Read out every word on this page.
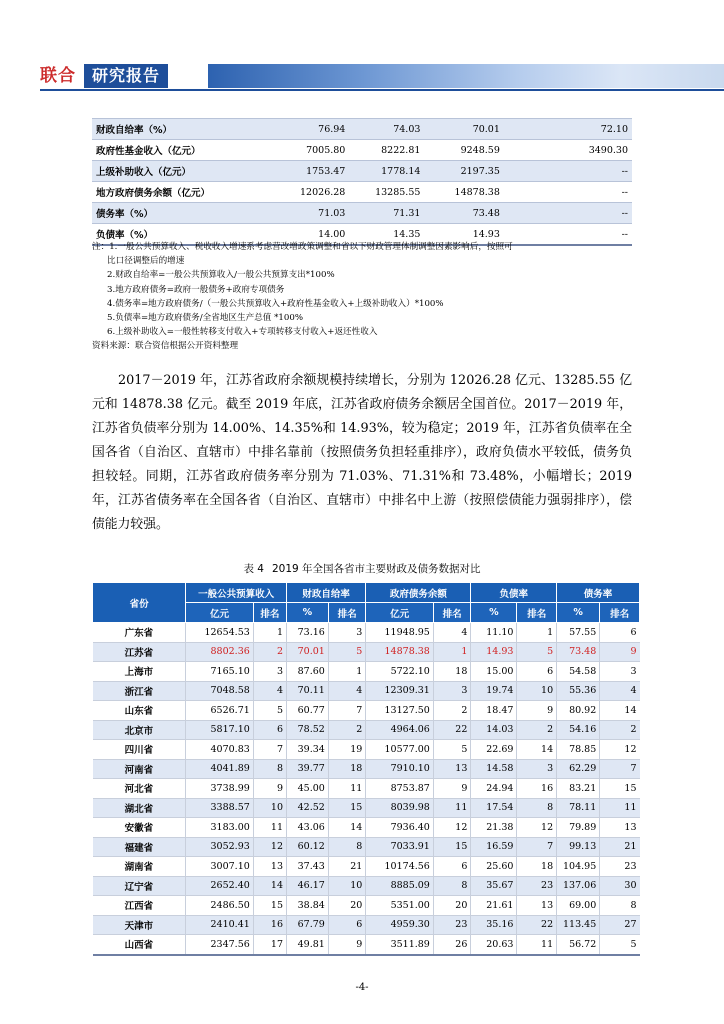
联合	研究报告
财政自给率（%）	76.94	74.03	70.01	72.10
政府性基金收入（亿元）	7005.80	8222.81	9248.59	3490.30
上级补助收入（亿元）	1753.47	1778.14	2197.35	--
地方政府债务余额（亿元）	12026.28	13285.55	14878.38	--
债务率（%）	71.03	71.31	73.48	--
负债率（%）	14.00	14.35	14.93	--
注：1.一般公共预算收入、税收收入增速系考虑营改增政策调整和省以下财政管理体制调整因素影响后，按照可
比口径调整后的增速
2.财政自给率=一般公共预算收入/一般公共预算支出*100%
3.地方政府债务=政府一般债务+政府专项债务
4.债务率=地方政府债务/（一般公共预算收入+政府性基金收入+上级补助收入）*100%
5.负债率=地方政府债务/全省地区生产总值 *100%
6.上级补助收入=一般性转移支付收入+专项转移支付收入+返还性收入
资料来源：联合资信根据公开资料整理

2017－2019 年，江苏省政府余额规模持续增长，分别为 12026.28 亿元、13285.55 亿元和 14878.38 亿元。截至 2019 年底，江苏省政府债务余额居全国首位。2017－2019 年，江苏省负债率分别为 14.00%、14.35%和 14.93%，较为稳定；2019 年，江苏省负债率在全国各省（自治区、直辖市）中排名靠前（按照债务负担轻重排序），政府负债水平较低，债务负担较轻。同期，江苏省政府债务率分别为 71.03%、71.31%和 73.48%，小幅增长；2019 年，江苏省债务率在全国各省（自治区、直辖市）中排名中上游（按照偿债能力强弱排序），偿债能力较强。

表 4 2019 年全国各省市主要财政及债务数据对比
省份	一般公共预算收入		财政自给率		政府债务余额		负债率		债务率	
	亿元	排名	%	排名	亿元	排名	%	排名	%	排名
广东省	12654.53	1	73.16	3	11948.95	4	11.10	1	57.55	6
江苏省	8802.36	2	70.01	5	14878.38	1	14.93	5	73.48	9
上海市	7165.10	3	87.60	1	5722.10	18	15.00	6	54.58	3
浙江省	7048.58	4	70.11	4	12309.31	3	19.74	10	55.36	4
山东省	6526.71	5	60.77	7	13127.50	2	18.47	9	80.92	14
北京市	5817.10	6	78.52	2	4964.06	22	14.03	2	54.16	2
四川省	4070.83	7	39.34	19	10577.00	5	22.69	14	78.85	12
河南省	4041.89	8	39.77	18	7910.10	13	14.58	3	62.29	7
河北省	3738.99	9	45.00	11	8753.87	9	24.94	16	83.21	15
湖北省	3388.57	10	42.52	15	8039.98	11	17.54	8	78.11	11
安徽省	3183.00	11	43.06	14	7936.40	12	21.38	12	79.89	13
福建省	3052.93	12	60.12	8	7033.91	15	16.59	7	99.13	21
湖南省	3007.10	13	37.43	21	10174.56	6	25.60	18	104.95	23
辽宁省	2652.40	14	46.17	10	8885.09	8	35.67	23	137.06	30
江西省	2486.50	15	38.84	20	5351.00	20	21.61	13	69.00	8
天津市	2410.41	16	67.79	6	4959.30	23	35.16	22	113.45	27
山西省	2347.56	17	49.81	9	3511.89	26	20.63	11	56.72	5
-4-
